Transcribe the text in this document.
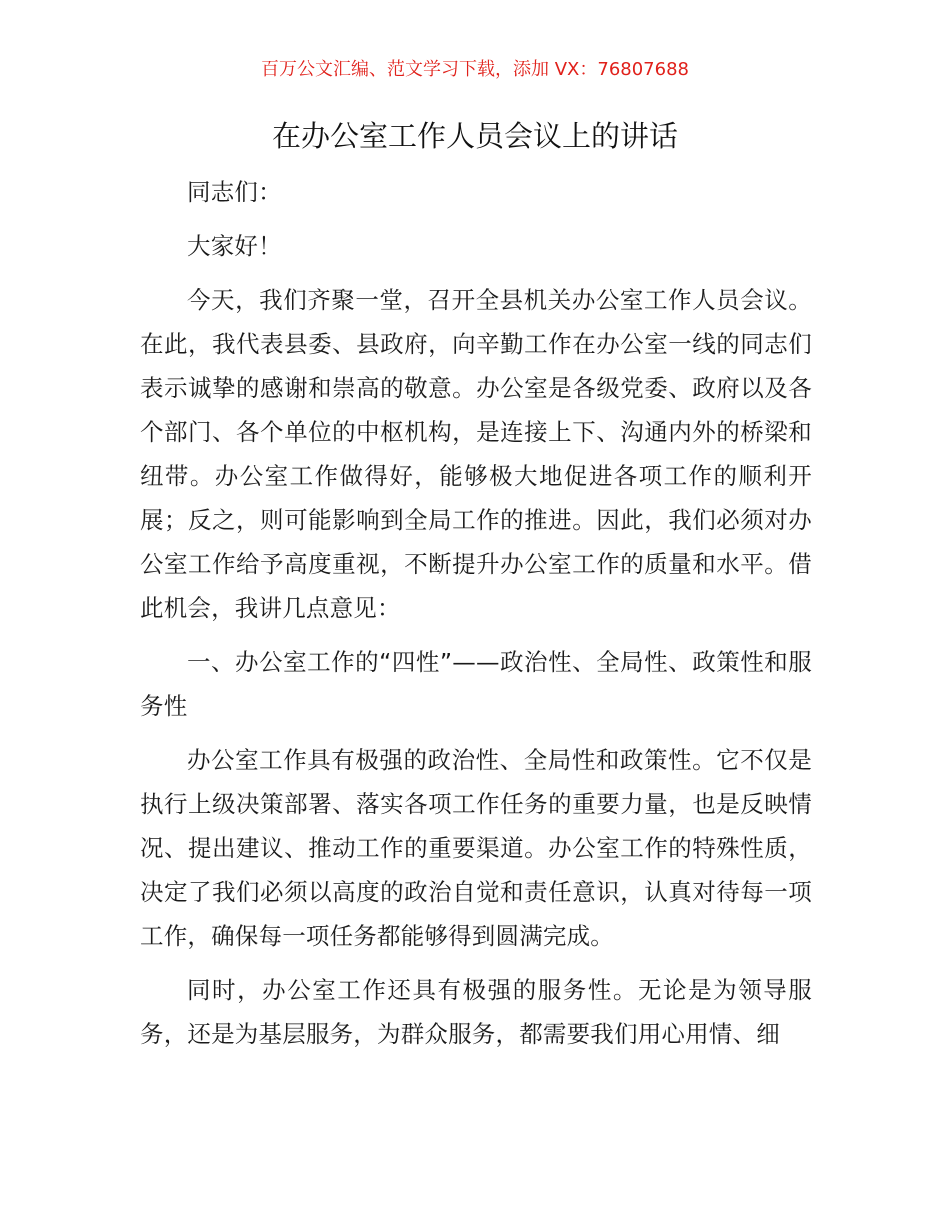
百万公文汇编、范文学习下载，添加 VX：76807688
在办公室工作人员会议上的讲话

同志们：

大家好！

今天，我们齐聚一堂，召开全县机关办公室工作人员会议。在此，我代表县委、县政府，向辛勤工作在办公室一线的同志们表示诚挚的感谢和崇高的敬意。办公室是各级党委、政府以及各个部门、各个单位的中枢机构，是连接上下、沟通内外的桥梁和纽带。办公室工作做得好，能够极大地促进各项工作的顺利开展；反之，则可能影响到全局工作的推进。因此，我们必须对办公室工作给予高度重视，不断提升办公室工作的质量和水平。借此机会，我讲几点意见：

一、办公室工作的“四性”——政治性、全局性、政策性和服务性

办公室工作具有极强的政治性、全局性和政策性。它不仅是执行上级决策部署、落实各项工作任务的重要力量，也是反映情况、提出建议、推动工作的重要渠道。办公室工作的特殊性质，决定了我们必须以高度的政治自觉和责任意识，认真对待每一项工作，确保每一项任务都能够得到圆满完成。

同时，办公室工作还具有极强的服务性。无论是为领导服务，还是为基层服务，为群众服务，都需要我们用心用情、细
